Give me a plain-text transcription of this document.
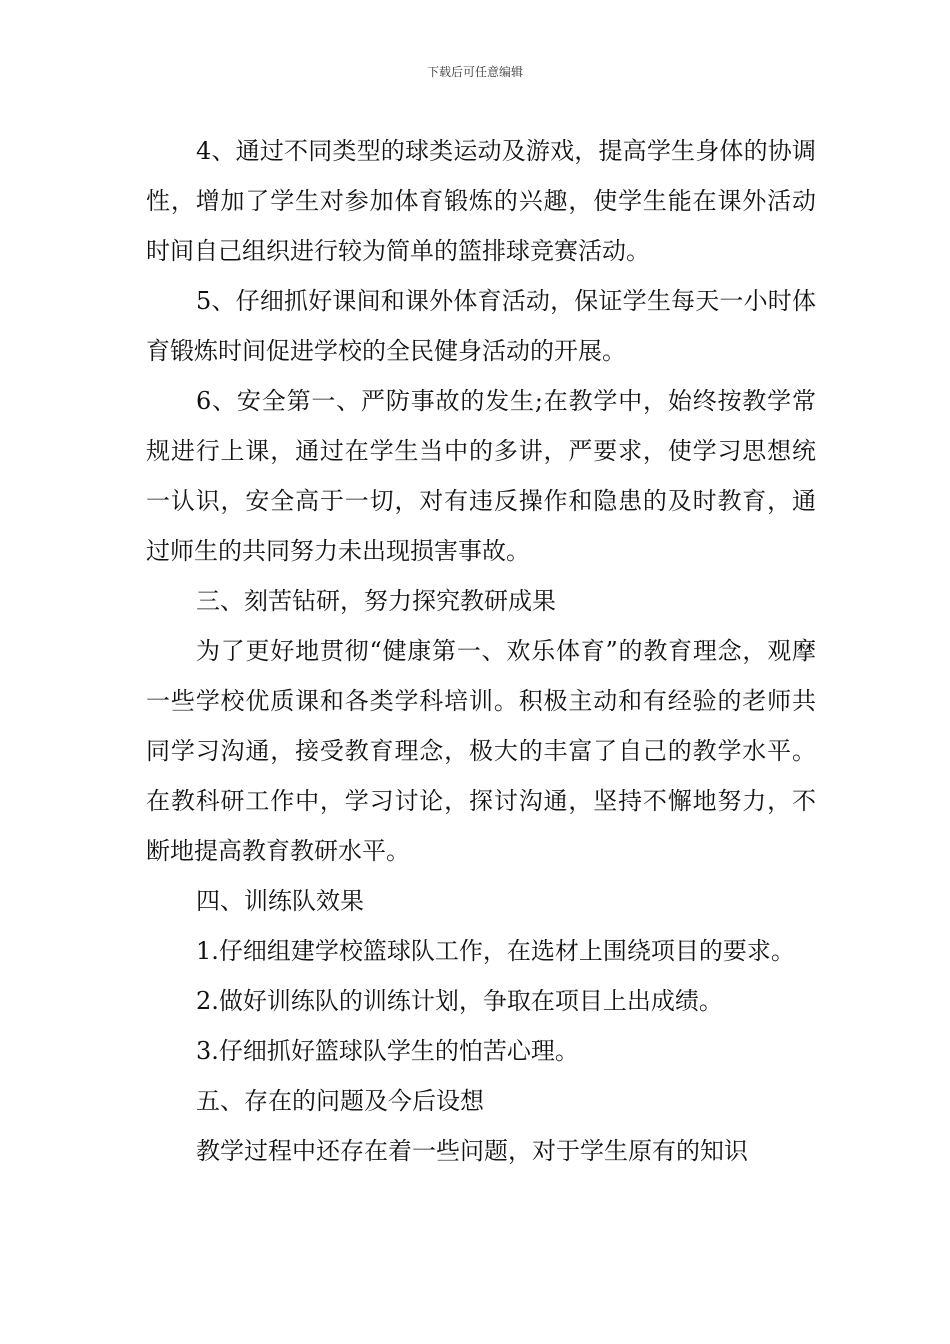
下载后可任意编辑

4、通过不同类型的球类运动及游戏，提高学生身体的协调性，增加了学生对参加体育锻炼的兴趣，使学生能在课外活动时间自己组织进行较为简单的篮排球竞赛活动。

5、仔细抓好课间和课外体育活动，保证学生每天一小时体育锻炼时间促进学校的全民健身活动的开展。

6、安全第一、严防事故的发生;在教学中，始终按教学常规进行上课，通过在学生当中的多讲，严要求，使学习思想统一认识，安全高于一切，对有违反操作和隐患的及时教育，通过师生的共同努力未出现损害事故。

三、刻苦钻研，努力探究教研成果

为了更好地贯彻“健康第一、欢乐体育”的教育理念，观摩一些学校优质课和各类学科培训。积极主动和有经验的老师共同学习沟通，接受教育理念，极大的丰富了自己的教学水平。在教科研工作中，学习讨论，探讨沟通，坚持不懈地努力，不断地提高教育教研水平。

四、训练队效果

1.仔细组建学校篮球队工作，在选材上围绕项目的要求。

2.做好训练队的训练计划，争取在项目上出成绩。

3.仔细抓好篮球队学生的怕苦心理。

五、存在的问题及今后设想

教学过程中还存在着一些问题，对于学生原有的知识
